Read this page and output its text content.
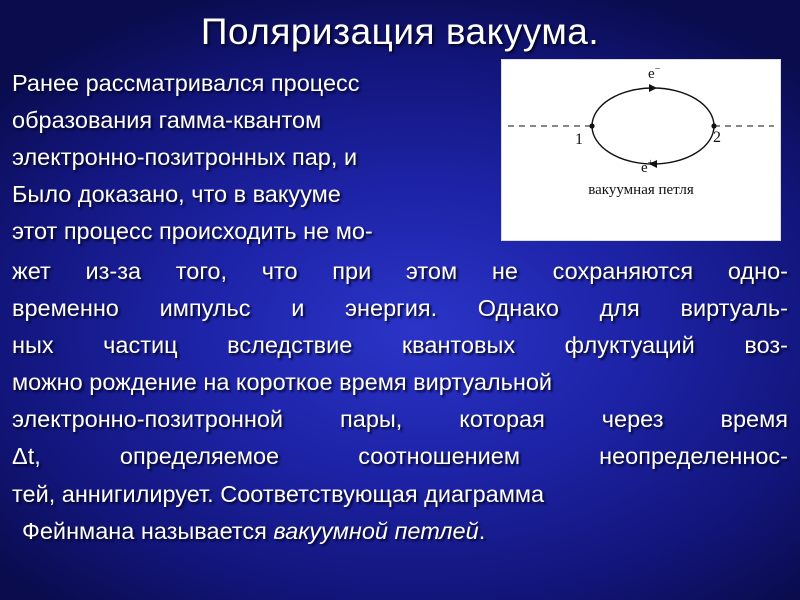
Поляризация вакуума.
Ранее рассматривался процесс
образования гамма-квантом
электронно-позитронных пар, и
Было доказано, что в вакууме
этот процесс происходить не мо-
жет из-за того, что при этом не сохраняются одно-
временно импульс и энергия. Однако для виртуаль-
ных частиц вследствие квантовых флуктуаций воз-
можно рождение на короткое время виртуальной
электронно-позитронной пары, которая через время
Δt, определяемое соотношением неопределеннос-
тей, аннигилирует. Соответствующая диаграмма
Фейнмана называется вакуумной петлей.
e−
e+
1	2
вакуумная петля
